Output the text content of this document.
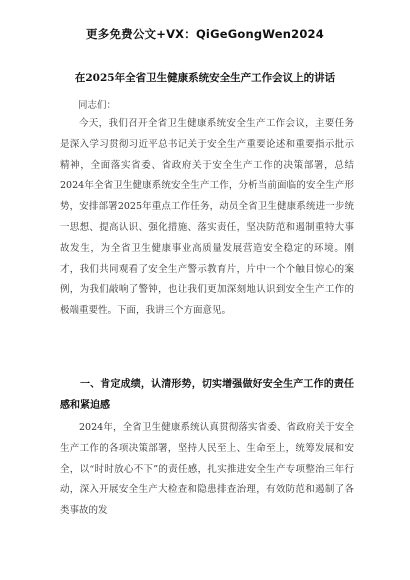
更多免费公文+VX：QiGeGongWen2024
在2025年全省卫生健康系统安全生产工作会议上的讲话
同志们：

今天，我们召开全省卫生健康系统安全生产工作会议，主要任务是深入学习贯彻习近平总书记关于安全生产重要论述和重要指示批示精神，全面落实省委、省政府关于安全生产工作的决策部署，总结2024年全省卫生健康系统安全生产工作，分析当前面临的安全生产形势，安排部署2025年重点工作任务，动员全省卫生健康系统进一步统一思想、提高认识、强化措施、落实责任，坚决防范和遏制重特大事故发生，为全省卫生健康事业高质量发展营造安全稳定的环境。刚才，我们共同观看了安全生产警示教育片，片中一个个触目惊心的案例，为我们敲响了警钟，也让我们更加深刻地认识到安全生产工作的极端重要性。下面，我讲三个方面意见。

一、肯定成绩，认清形势，切实增强做好安全生产工作的责任感和紧迫感

2024年，全省卫生健康系统认真贯彻落实省委、省政府关于安全生产工作的各项决策部署，坚持人民至上、生命至上，统筹发展和安全，以“时时放心不下”的责任感，扎实推进安全生产专项整治三年行动，深入开展安全生产大检查和隐患排查治理，有效防范和遏制了各类事故的发
